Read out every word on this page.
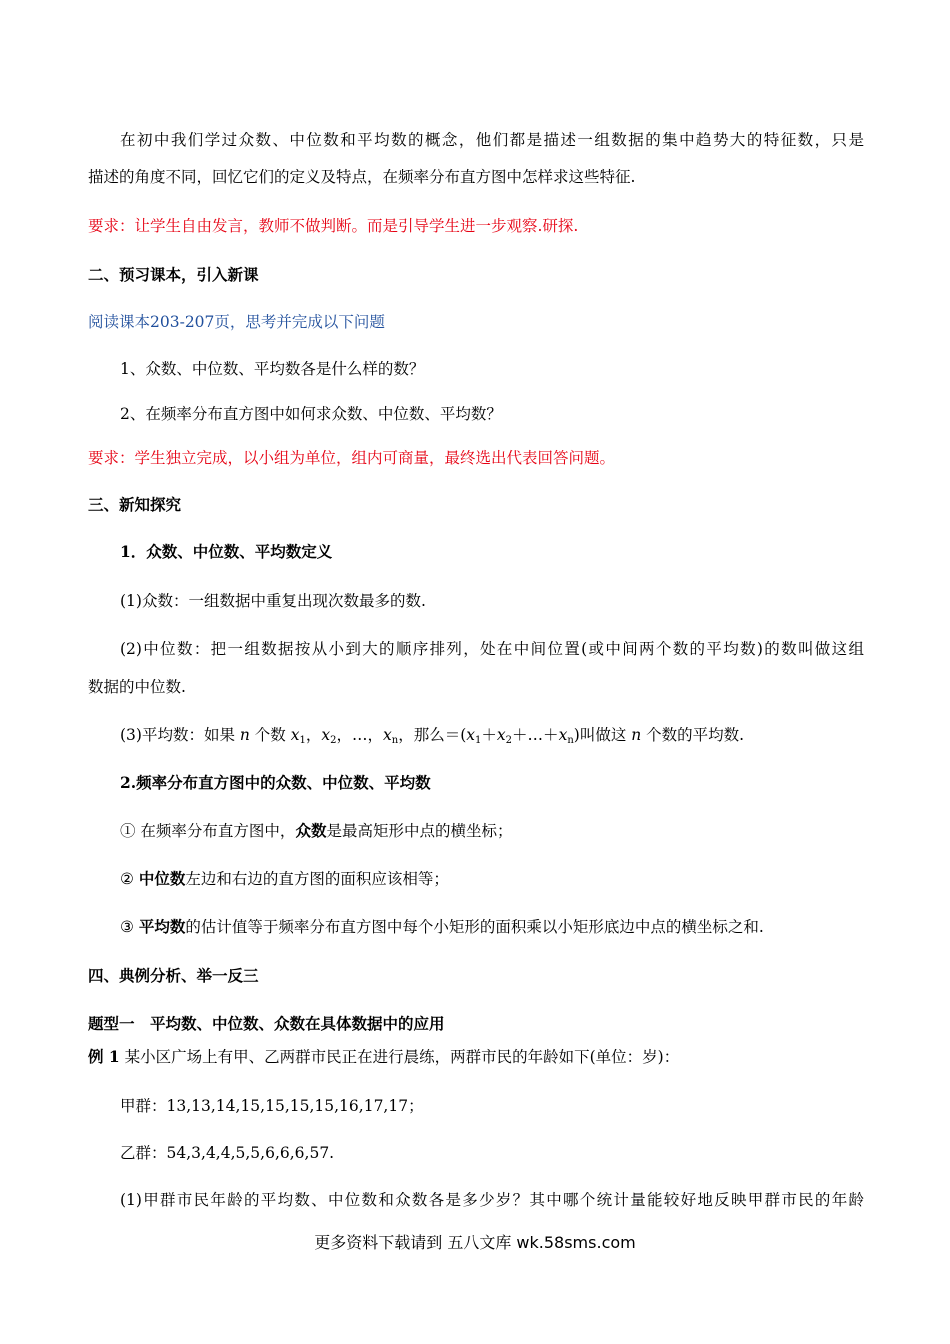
在初中我们学过众数、中位数和平均数的概念，他们都是描述一组数据的集中趋势大的特征数，只是
描述的角度不同，回忆它们的定义及特点，在频率分布直方图中怎样求这些特征.
要求：让学生自由发言，教师不做判断。而是引导学生进一步观察.研探.
二、预习课本，引入新课
阅读课本203-207页，思考并完成以下问题
1、众数、中位数、平均数各是什么样的数？
2、在频率分布直方图中如何求众数、中位数、平均数？
要求：学生独立完成，以小组为单位，组内可商量，最终选出代表回答问题。
三、新知探究
1．众数、中位数、平均数定义
(1)众数：一组数据中重复出现次数最多的数.
(2)中位数：把一组数据按从小到大的顺序排列，处在中间位置(或中间两个数的平均数)的数叫做这组
数据的中位数.
(3)平均数：如果 n 个数 $x_1$，$x_2$，…，$x_n$，那么$=(x_1+x_2+\dots+x_n)$叫做这 n 个数的平均数.
2.频率分布直方图中的众数、中位数、平均数
① 在频率分布直方图中，众数是最高矩形中点的横坐标；
② 中位数左边和右边的直方图的面积应该相等；
③ 平均数的估计值等于频率分布直方图中每个小矩形的面积乘以小矩形底边中点的横坐标之和.
四、典例分析、举一反三
题型一　平均数、中位数、众数在具体数据中的应用
例 1 某小区广场上有甲、乙两群市民正在进行晨练，两群市民的年龄如下(单位：岁)：
甲群：13,13,14,15,15,15,15,16,17,17；
乙群：54,3,4,4,5,5,6,6,6,57.
(1)甲群市民年龄的平均数、中位数和众数各是多少岁？其中哪个统计量能较好地反映甲群市民的年龄
更多资料下载请到 五八文库 wk.58sms.com
